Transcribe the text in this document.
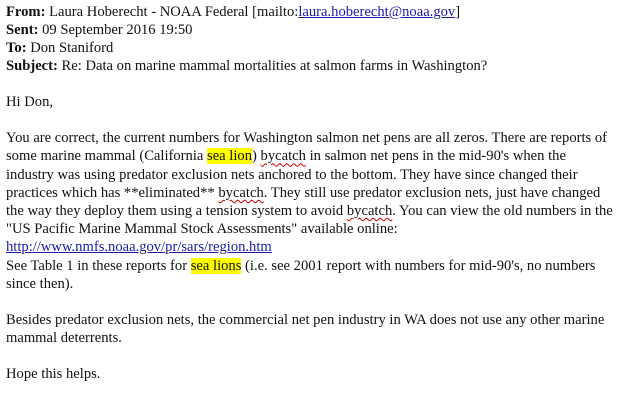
From: Laura Hoberecht - NOAA Federal [mailto:laura.hoberecht@noaa.gov]
Sent: 09 September 2016 19:50
To: Don Staniford
Subject: Re: Data on marine mammal mortalities at salmon farms in Washington?

Hi Don,

You are correct, the current numbers for Washington salmon net pens are all zeros. There are reports of some marine mammal (California sea lion) bycatch in salmon net pens in the mid-90's when the industry was using predator exclusion nets anchored to the bottom. They have since changed their practices which has **eliminated** bycatch. They still use predator exclusion nets, just have changed the way they deploy them using a tension system to avoid bycatch. You can view the old numbers in the "US Pacific Marine Mammal Stock Assessments" available online:
http://www.nmfs.noaa.gov/pr/sars/region.htm
See Table 1 in these reports for sea lions (i.e. see 2001 report with numbers for mid-90's, no numbers since then).

Besides predator exclusion nets, the commercial net pen industry in WA does not use any other marine mammal deterrents.

Hope this helps.
